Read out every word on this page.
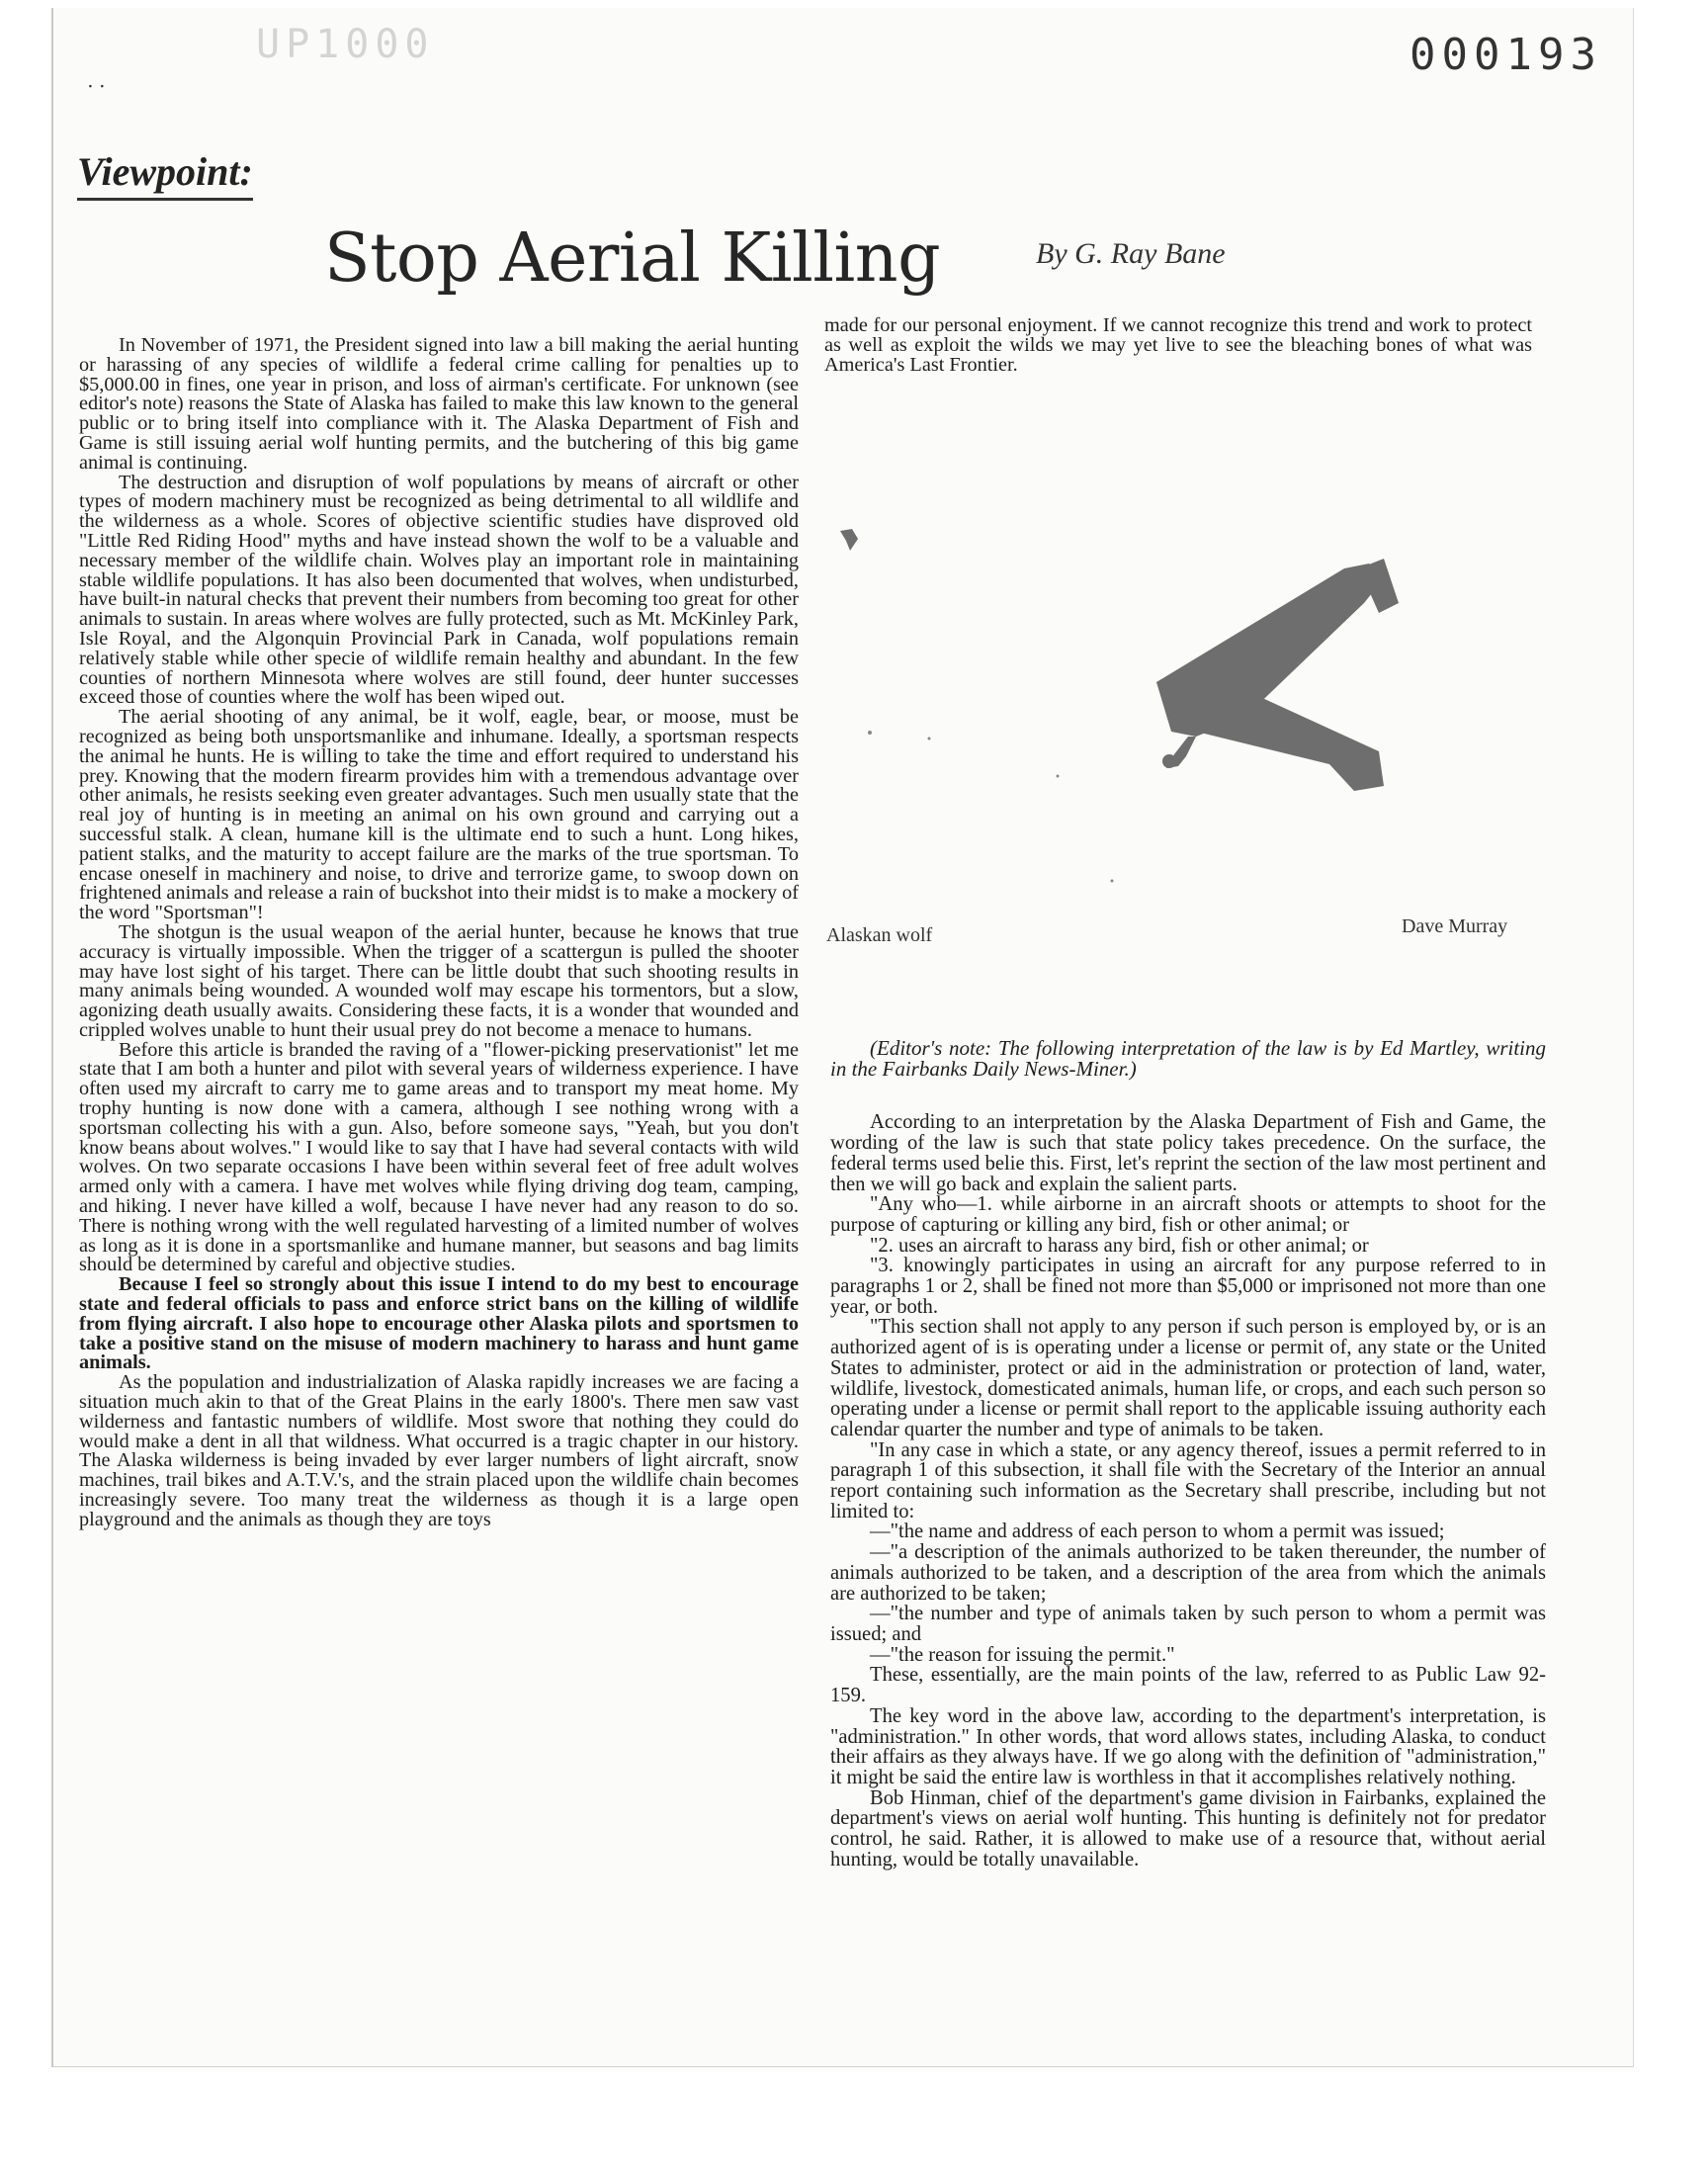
UP1000	000193
⋅ ⋅
Viewpoint:
Stop Aerial Killing	By G. Ray Bane

In November of 1971, the President signed into law a bill making the aerial hunting or harassing of any species of wildlife a federal crime calling for penalties up to $5,000.00 in fines, one year in prison, and loss of airman's certificate. For unknown (see editor's note) reasons the State of Alaska has failed to make this law known to the general public or to bring itself into compliance with it. The Alaska Department of Fish and Game is still issuing aerial wolf hunting permits, and the butchering of this big game animal is continuing.

The destruction and disruption of wolf populations by means of aircraft or other types of modern machinery must be recognized as being detrimental to all wildlife and the wilderness as a whole. Scores of objective scientific studies have disproved old "Little Red Riding Hood" myths and have instead shown the wolf to be a valuable and necessary member of the wildlife chain. Wolves play an important role in maintaining stable wildlife populations. It has also been documented that wolves, when undisturbed, have built-in natural checks that prevent their numbers from becoming too great for other animals to sustain. In areas where wolves are fully protected, such as Mt. McKinley Park, Isle Royal, and the Algonquin Provincial Park in Canada, wolf populations remain relatively stable while other specie of wildlife remain healthy and abundant. In the few counties of northern Minnesota where wolves are still found, deer hunter successes exceed those of counties where the wolf has been wiped out.

The aerial shooting of any animal, be it wolf, eagle, bear, or moose, must be recognized as being both unsportsmanlike and inhumane. Ideally, a sportsman respects the animal he hunts. He is willing to take the time and effort required to understand his prey. Knowing that the modern firearm provides him with a tremendous advantage over other animals, he resists seeking even greater advantages. Such men usually state that the real joy of hunting is in meeting an animal on his own ground and carrying out a successful stalk. A clean, humane kill is the ultimate end to such a hunt. Long hikes, patient stalks, and the maturity to accept failure are the marks of the true sportsman. To encase oneself in machinery and noise, to drive and terrorize game, to swoop down on frightened animals and release a rain of buckshot into their midst is to make a mockery of the word "Sportsman"!

The shotgun is the usual weapon of the aerial hunter, because he knows that true accuracy is virtually impossible. When the trigger of a scattergun is pulled the shooter may have lost sight of his target. There can be little doubt that such shooting results in many animals being wounded. A wounded wolf may escape his tormentors, but a slow, agonizing death usually awaits. Considering these facts, it is a wonder that wounded and crippled wolves unable to hunt their usual prey do not become a menace to humans.

Before this article is branded the raving of a "flower-picking preservationist" let me state that I am both a hunter and pilot with several years of wilderness experience. I have often used my aircraft to carry me to game areas and to transport my meat home. My trophy hunting is now done with a camera, although I see nothing wrong with a sportsman collecting his with a gun. Also, before someone says, "Yeah, but you don't know beans about wolves." I would like to say that I have had several contacts with wild wolves. On two separate occasions I have been within several feet of free adult wolves armed only with a camera. I have met wolves while flying driving dog team, camping, and hiking. I never have killed a wolf, because I have never had any reason to do so. There is nothing wrong with the well regulated harvesting of a limited number of wolves as long as it is done in a sportsmanlike and humane manner, but seasons and bag limits should be determined by careful and objective studies.

Because I feel so strongly about this issue I intend to do my best to encourage state and federal officials to pass and enforce strict bans on the killing of wildlife from flying aircraft. I also hope to encourage other Alaska pilots and sportsmen to take a positive stand on the misuse of modern machinery to harass and hunt game animals.

As the population and industrialization of Alaska rapidly increases we are facing a situation much akin to that of the Great Plains in the early 1800's. There men saw vast wilderness and fantastic numbers of wildlife. Most swore that nothing they could do would make a dent in all that wildness. What occurred is a tragic chapter in our history. The Alaska wilderness is being invaded by ever larger numbers of light aircraft, snow machines, trail bikes and A.T.V.'s, and the strain placed upon the wildlife chain becomes increasingly severe. Too many treat the wilderness as though it is a large open playground and the animals as though they are toys

made for our personal enjoyment. If we cannot recognize this trend and work to protect as well as exploit the wilds we may yet live to see the bleaching bones of what was America's Last Frontier.

Alaskan wolf	Dave Murray

(Editor's note: The following interpretation of the law is by Ed Martley, writing in the Fairbanks Daily News-Miner.)

According to an interpretation by the Alaska Department of Fish and Game, the wording of the law is such that state policy takes precedence. On the surface, the federal terms used belie this. First, let's reprint the section of the law most pertinent and then we will go back and explain the salient parts.

"Any who—1. while airborne in an aircraft shoots or attempts to shoot for the purpose of capturing or killing any bird, fish or other animal; or

"2. uses an aircraft to harass any bird, fish or other animal; or

"3. knowingly participates in using an aircraft for any purpose referred to in paragraphs 1 or 2, shall be fined not more than $5,000 or imprisoned not more than one year, or both.

"This section shall not apply to any person if such person is employed by, or is an authorized agent of is is operating under a license or permit of, any state or the United States to administer, protect or aid in the administration or protection of land, water, wildlife, livestock, domesticated animals, human life, or crops, and each such person so operating under a license or permit shall report to the applicable issuing authority each calendar quarter the number and type of animals to be taken.

"In any case in which a state, or any agency thereof, issues a permit referred to in paragraph 1 of this subsection, it shall file with the Secretary of the Interior an annual report containing such information as the Secretary shall prescribe, including but not limited to:

—"the name and address of each person to whom a permit was issued;

—"a description of the animals authorized to be taken thereunder, the number of animals authorized to be taken, and a description of the area from which the animals are authorized to be taken;

—"the number and type of animals taken by such person to whom a permit was issued; and

—"the reason for issuing the permit."

These, essentially, are the main points of the law, referred to as Public Law 92-159.

The key word in the above law, according to the department's interpretation, is "administration." In other words, that word allows states, including Alaska, to conduct their affairs as they always have. If we go along with the definition of "administration," it might be said the entire law is worthless in that it accomplishes relatively nothing.

Bob Hinman, chief of the department's game division in Fairbanks, explained the department's views on aerial wolf hunting. This hunting is definitely not for predator control, he said. Rather, it is allowed to make use of a resource that, without aerial hunting, would be totally unavailable.
